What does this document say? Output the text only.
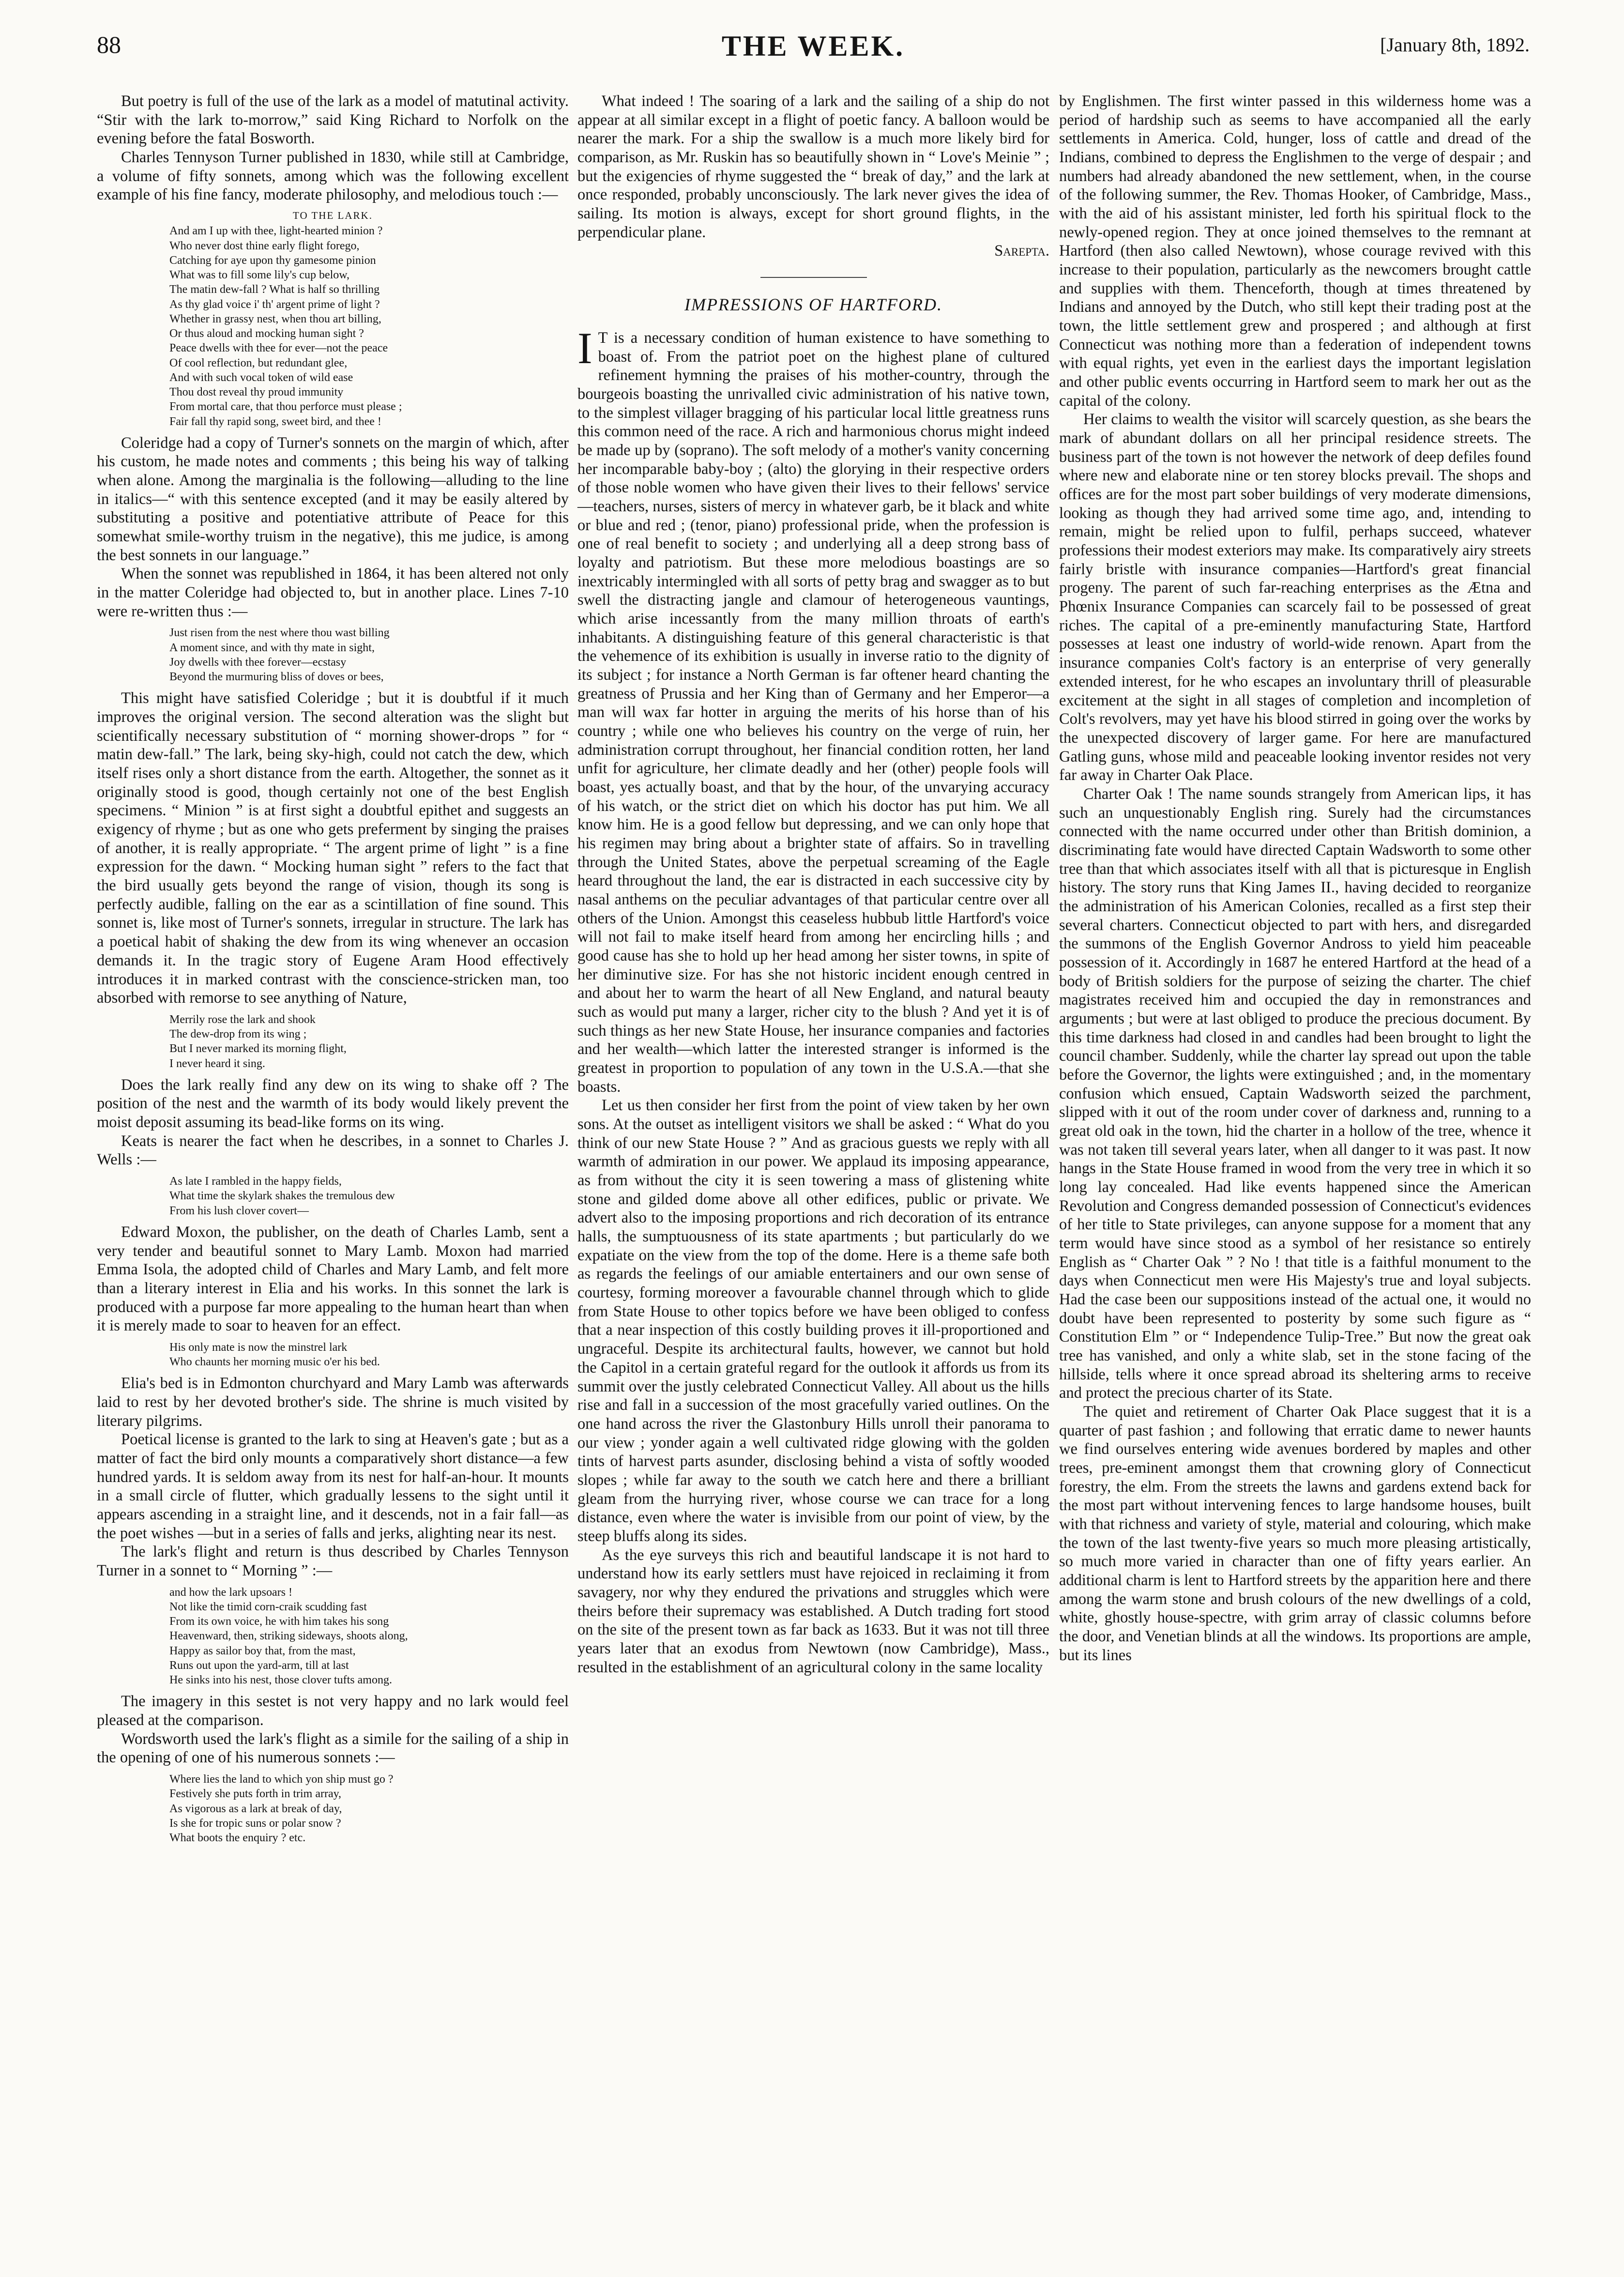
88	THE WEEK.	[January 8th, 1892.

But poetry is full of the use of the lark as a model of matutinal activity. “Stir with the lark to-morrow,” said King Richard to Norfolk on the evening before the fatal Bosworth.

Charles Tennyson Turner published in 1830, while still at Cambridge, a volume of fifty sonnets, among which was the following excellent example of his fine fancy, moderate philosophy, and melodious touch :—

TO THE LARK.
And am I up with thee, light-hearted minion ?
Who never dost thine early flight forego,
Catching for aye upon thy gamesome pinion
What was to fill some lily's cup below,
The matin dew-fall ? What is half so thrilling
As thy glad voice i' th' argent prime of light ?
Whether in grassy nest, when thou art billing,
Or thus aloud and mocking human sight ?
Peace dwells with thee for ever—not the peace
Of cool reflection, but redundant glee,
And with such vocal token of wild ease
Thou dost reveal thy proud immunity
From mortal care, that thou perforce must please ;
Fair fall thy rapid song, sweet bird, and thee !

Coleridge had a copy of Turner's sonnets on the margin of which, after his custom, he made notes and comments ; this being his way of talking when alone. Among the marginalia is the following—alluding to the line in italics—“ with this sentence excepted (and it may be easily altered by substituting a positive and potentiative attribute of Peace for this somewhat smile-worthy truism in the negative), this me judice, is among the best sonnets in our language.”

When the sonnet was republished in 1864, it has been altered not only in the matter Coleridge had objected to, but in another place. Lines 7-10 were re-written thus :—

Just risen from the nest where thou wast billing
A moment since, and with thy mate in sight,
Joy dwells with thee forever—ecstasy
Beyond the murmuring bliss of doves or bees,

This might have satisfied Coleridge ; but it is doubtful if it much improves the original version. The second alteration was the slight but scientifically necessary substitution of “ morning shower-drops ” for “ matin dew-fall.” The lark, being sky-high, could not catch the dew, which itself rises only a short distance from the earth. Altogether, the sonnet as it originally stood is good, though certainly not one of the best English specimens. “ Minion ” is at first sight a doubtful epithet and suggests an exigency of rhyme ; but as one who gets preferment by singing the praises of another, it is really appropriate. “ The argent prime of light ” is a fine expression for the dawn. “ Mocking human sight ” refers to the fact that the bird usually gets beyond the range of vision, though its song is perfectly audible, falling on the ear as a scintillation of fine sound. This sonnet is, like most of Turner's sonnets, irregular in structure. The lark has a poetical habit of shaking the dew from its wing whenever an occasion demands it. In the tragic story of Eugene Aram Hood effectively introduces it in marked contrast with the conscience-stricken man, too absorbed with remorse to see anything of Nature,

Merrily rose the lark and shook
The dew-drop from its wing ;
But I never marked its morning flight,
I never heard it sing.

Does the lark really find any dew on its wing to shake off ? The position of the nest and the warmth of its body would likely prevent the moist deposit assuming its bead-like forms on its wing.

Keats is nearer the fact when he describes, in a sonnet to Charles J. Wells :—

As late I rambled in the happy fields,
What time the skylark shakes the tremulous dew
From his lush clover covert—

Edward Moxon, the publisher, on the death of Charles Lamb, sent a very tender and beautiful sonnet to Mary Lamb. Moxon had married Emma Isola, the adopted child of Charles and Mary Lamb, and felt more than a literary interest in Elia and his works. In this sonnet the lark is produced with a purpose far more appealing to the human heart than when it is merely made to soar to heaven for an effect.

His only mate is now the minstrel lark
Who chaunts her morning music o'er his bed.

Elia's bed is in Edmonton churchyard and Mary Lamb was afterwards laid to rest by her devoted brother's side. The shrine is much visited by literary pilgrims.

Poetical license is granted to the lark to sing at Heaven's gate ; but as a matter of fact the bird only mounts a comparatively short distance—a few hundred yards. It is seldom away from its nest for half-an-hour. It mounts in a small circle of flutter, which gradually lessens to the sight until it appears ascending in a straight line, and it descends, not in a fair fall—as the poet wishes —but in a series of falls and jerks, alighting near its nest.

The lark's flight and return is thus described by Charles Tennyson Turner in a sonnet to “ Morning ” :—

and how the lark upsoars !
Not like the timid corn-craik scudding fast
From its own voice, he with him takes his song
Heavenward, then, striking sideways, shoots along,
Happy as sailor boy that, from the mast,
Runs out upon the yard-arm, till at last
He sinks into his nest, those clover tufts among.

The imagery in this sestet is not very happy and no lark would feel pleased at the comparison.

Wordsworth used the lark's flight as a simile for the sailing of a ship in the opening of one of his numerous sonnets :—

Where lies the land to which yon ship must go ?
Festively she puts forth in trim array,
As vigorous as a lark at break of day,
Is she for tropic suns or polar snow ?
What boots the enquiry ? etc.

What indeed ! The soaring of a lark and the sailing of a ship do not appear at all similar except in a flight of poetic fancy. A balloon would be nearer the mark. For a ship the swallow is a much more likely bird for comparison, as Mr. Ruskin has so beautifully shown in “ Love's Meinie ” ; but the exigencies of rhyme suggested the “ break of day,” and the lark at once responded, probably unconsciously. The lark never gives the idea of sailing. Its motion is always, except for short ground flights, in the perpendicular plane.

Sarepta.

IMPRESSIONS OF HARTFORD.

I T is a necessary condition of human existence to have something to boast of. From the patriot poet on the highest plane of cultured refinement hymning the praises of his mother-country, through the bourgeois boasting the unrivalled civic administration of his native town, to the simplest villager bragging of his particular local little greatness runs this common need of the race. A rich and harmonious chorus might indeed be made up by (soprano). The soft melody of a mother's vanity concerning her incomparable baby-boy ; (alto) the glorying in their respective orders of those noble women who have given their lives to their fellows' service—teachers, nurses, sisters of mercy in whatever garb, be it black and white or blue and red ; (tenor, piano) professional pride, when the profession is one of real benefit to society ; and underlying all a deep strong bass of loyalty and patriotism. But these more melodious boastings are so inextricably intermingled with all sorts of petty brag and swagger as to but swell the distracting jangle and clamour of heterogeneous vauntings, which arise incessantly from the many million throats of earth's inhabitants. A distinguishing feature of this general characteristic is that the vehemence of its exhibition is usually in inverse ratio to the dignity of its subject ; for instance a North German is far oftener heard chanting the greatness of Prussia and her King than of Germany and her Emperor—a man will wax far hotter in arguing the merits of his horse than of his country ; while one who believes his country on the verge of ruin, her administration corrupt throughout, her financial condition rotten, her land unfit for agriculture, her climate deadly and her (other) people fools will boast, yes actually boast, and that by the hour, of the unvarying accuracy of his watch, or the strict diet on which his doctor has put him. We all know him. He is a good fellow but depressing, and we can only hope that his regimen may bring about a brighter state of affairs. So in travelling through the United States, above the perpetual screaming of the Eagle heard throughout the land, the ear is distracted in each successive city by nasal anthems on the peculiar advantages of that particular centre over all others of the Union. Amongst this ceaseless hubbub little Hartford's voice will not fail to make itself heard from among her encircling hills ; and good cause has she to hold up her head among her sister towns, in spite of her diminutive size. For has she not historic incident enough centred in and about her to warm the heart of all New England, and natural beauty such as would put many a larger, richer city to the blush ? And yet it is of such things as her new State House, her insurance companies and factories and her wealth—which latter the interested stranger is informed is the greatest in proportion to population of any town in the U.S.A.—that she boasts.

Let us then consider her first from the point of view taken by her own sons. At the outset as intelligent visitors we shall be asked : “ What do you think of our new State House ? ” And as gracious guests we reply with all warmth of admiration in our power. We applaud its imposing appearance, as from without the city it is seen towering a mass of glistening white stone and gilded dome above all other edifices, public or private. We advert also to the imposing proportions and rich decoration of its entrance halls, the sumptuousness of its state apartments ; but particularly do we expatiate on the view from the top of the dome. Here is a theme safe both as regards the feelings of our amiable entertainers and our own sense of courtesy, forming moreover a favourable channel through which to glide from State House to other topics before we have been obliged to confess that a near inspection of this costly building proves it ill-proportioned and ungraceful. Despite its architectural faults, however, we cannot but hold the Capitol in a certain grateful regard for the outlook it affords us from its summit over the justly celebrated Connecticut Valley. All about us the hills rise and fall in a succession of the most gracefully varied outlines. On the one hand across the river the Glastonbury Hills unroll their panorama to our view ; yonder again a well cultivated ridge glowing with the golden tints of harvest parts asunder, disclosing behind a vista of softly wooded slopes ; while far away to the south we catch here and there a brilliant gleam from the hurrying river, whose course we can trace for a long distance, even where the water is invisible from our point of view, by the steep bluffs along its sides.

As the eye surveys this rich and beautiful landscape it is not hard to understand how its early settlers must have rejoiced in reclaiming it from savagery, nor why they endured the privations and struggles which were theirs before their supremacy was established. A Dutch trading fort stood on the site of the present town as far back as 1633. But it was not till three years later that an exodus from Newtown (now Cambridge), Mass., resulted in the establishment of an agricultural colony in the same locality

by Englishmen. The first winter passed in this wilderness home was a period of hardship such as seems to have accompanied all the early settlements in America. Cold, hunger, loss of cattle and dread of the Indians, combined to depress the Englishmen to the verge of despair ; and numbers had already abandoned the new settlement, when, in the course of the following summer, the Rev. Thomas Hooker, of Cambridge, Mass., with the aid of his assistant minister, led forth his spiritual flock to the newly-opened region. They at once joined themselves to the remnant at Hartford (then also called Newtown), whose courage revived with this increase to their population, particularly as the newcomers brought cattle and supplies with them. Thenceforth, though at times threatened by Indians and annoyed by the Dutch, who still kept their trading post at the town, the little settlement grew and prospered ; and although at first Connecticut was nothing more than a federation of independent towns with equal rights, yet even in the earliest days the important legislation and other public events occurring in Hartford seem to mark her out as the capital of the colony.

Her claims to wealth the visitor will scarcely question, as she bears the mark of abundant dollars on all her principal residence streets. The business part of the town is not however the network of deep defiles found where new and elaborate nine or ten storey blocks prevail. The shops and offices are for the most part sober buildings of very moderate dimensions, looking as though they had arrived some time ago, and, intending to remain, might be relied upon to fulfil, perhaps succeed, whatever professions their modest exteriors may make. Its comparatively airy streets fairly bristle with insurance companies—Hartford's great financial progeny. The parent of such far-reaching enterprises as the Ætna and Phœnix Insurance Companies can scarcely fail to be possessed of great riches. The capital of a pre-eminently manufacturing State, Hartford possesses at least one industry of world-wide renown. Apart from the insurance companies Colt's factory is an enterprise of very generally extended interest, for he who escapes an involuntary thrill of pleasurable excitement at the sight in all stages of completion and incompletion of Colt's revolvers, may yet have his blood stirred in going over the works by the unexpected discovery of larger game. For here are manufactured Gatling guns, whose mild and peaceable looking inventor resides not very far away in Charter Oak Place.

Charter Oak ! The name sounds strangely from American lips, it has such an unquestionably English ring. Surely had the circumstances connected with the name occurred under other than British dominion, a discriminating fate would have directed Captain Wadsworth to some other tree than that which associates itself with all that is picturesque in English history. The story runs that King James II., having decided to reorganize the administration of his American Colonies, recalled as a first step their several charters. Connecticut objected to part with hers, and disregarded the summons of the English Governor Andross to yield him peaceable possession of it. Accordingly in 1687 he entered Hartford at the head of a body of British soldiers for the purpose of seizing the charter. The chief magistrates received him and occupied the day in remonstrances and arguments ; but were at last obliged to produce the precious document. By this time darkness had closed in and candles had been brought to light the council chamber. Suddenly, while the charter lay spread out upon the table before the Governor, the lights were extinguished ; and, in the momentary confusion which ensued, Captain Wadsworth seized the parchment, slipped with it out of the room under cover of darkness and, running to a great old oak in the town, hid the charter in a hollow of the tree, whence it was not taken till several years later, when all danger to it was past. It now hangs in the State House framed in wood from the very tree in which it so long lay concealed. Had like events happened since the American Revolution and Congress demanded possession of Connecticut's evidences of her title to State privileges, can anyone suppose for a moment that any term would have since stood as a symbol of her resistance so entirely English as “ Charter Oak ” ? No ! that title is a faithful monument to the days when Connecticut men were His Majesty's true and loyal subjects. Had the case been our suppositions instead of the actual one, it would no doubt have been represented to posterity by some such figure as “ Constitution Elm ” or “ Independence Tulip-Tree.” But now the great oak tree has vanished, and only a white slab, set in the stone facing of the hillside, tells where it once spread abroad its sheltering arms to receive and protect the precious charter of its State.

The quiet and retirement of Charter Oak Place suggest that it is a quarter of past fashion ; and following that erratic dame to newer haunts we find ourselves entering wide avenues bordered by maples and other trees, pre-eminent amongst them that crowning glory of Connecticut forestry, the elm. From the streets the lawns and gardens extend back for the most part without intervening fences to large handsome houses, built with that richness and variety of style, material and colouring, which make the town of the last twenty-five years so much more pleasing artistically, so much more varied in character than one of fifty years earlier. An additional charm is lent to Hartford streets by the apparition here and there among the warm stone and brush colours of the new dwellings of a cold, white, ghostly house-spectre, with grim array of classic columns before the door, and Venetian blinds at all the windows. Its proportions are ample, but its lines
